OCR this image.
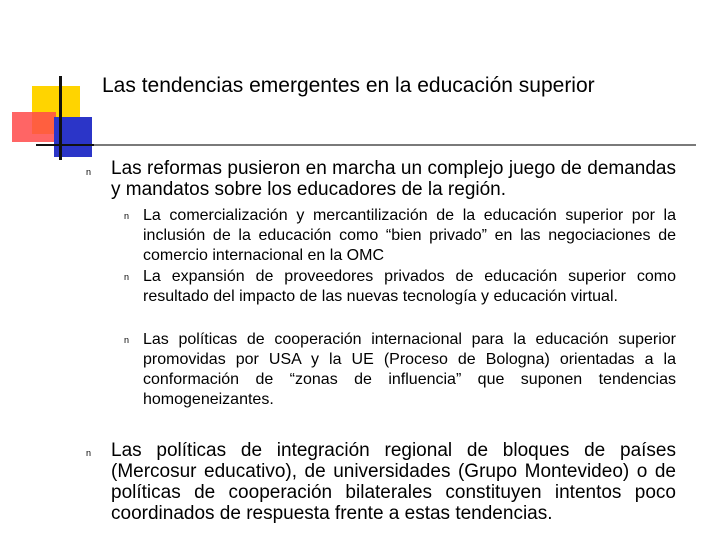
Las tendencias emergentes en la educación superior
n Las reformas pusieron en marcha un complejo juego de demandas y mandatos sobre los educadores de la región.

n La comercialización y mercantilización de la educación superior por la inclusión de la educación como “bien privado” en las negociaciones de comercio internacional en la OMC

n La expansión de proveedores privados de educación superior como resultado del impacto de las nuevas tecnología y educación virtual.

n Las políticas de cooperación internacional para la educación superior promovidas por USA y la UE (Proceso de Bologna) orientadas a la conformación de “zonas de influencia” que suponen tendencias homogeneizantes.

n Las políticas de integración regional de bloques de países (Mercosur educativo), de universidades (Grupo Montevideo) o de políticas de cooperación bilaterales constituyen intentos poco coordinados de respuesta frente a estas tendencias.
